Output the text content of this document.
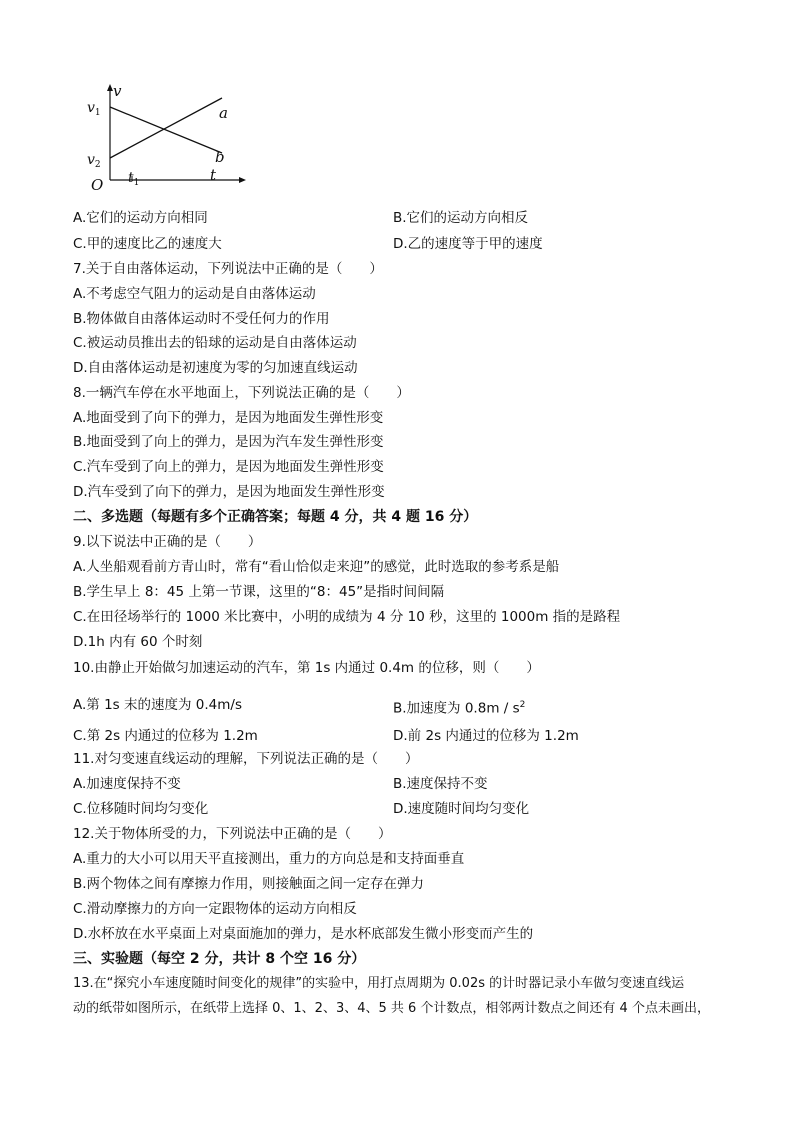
v
$v_1$
$v_2$
O $t_1$	t
a
b
A.它们的运动方向相同	B.它们的运动方向相反
C.甲的速度比乙的速度大	D.乙的速度等于甲的速度
7.关于自由落体运动，下列说法中正确的是（　　）
A.不考虑空气阻力的运动是自由落体运动
B.物体做自由落体运动时不受任何力的作用
C.被运动员推出去的铅球的运动是自由落体运动
D.自由落体运动是初速度为零的匀加速直线运动
8.一辆汽车停在水平地面上，下列说法正确的是（　　）
A.地面受到了向下的弹力，是因为地面发生弹性形变
B.地面受到了向上的弹力，是因为汽车发生弹性形变
C.汽车受到了向上的弹力，是因为地面发生弹性形变
D.汽车受到了向下的弹力，是因为地面发生弹性形变
二、多选题（每题有多个正确答案；每题 4 分，共 4 题 16 分）
9.以下说法中正确的是（　　）
A.人坐船观看前方青山时，常有“看山恰似走来迎”的感觉，此时选取的参考系是船
B.学生早上 8：45 上第一节课，这里的“8：45”是指时间间隔
C.在田径场举行的 1000 米比赛中，小明的成绩为 4 分 10 秒，这里的 1000m 指的是路程
D.1h 内有 60 个时刻
10.由静止开始做匀加速运动的汽车，第 1s 内通过 0.4m 的位移，则（　　）
A.第 1s 末的速度为 0.4m/s	B.加速度为 $0.8m / s^2$
C.第 2s 内通过的位移为 1.2m	D.前 2s 内通过的位移为 1.2m
11.对匀变速直线运动的理解，下列说法正确的是（　　）
A.加速度保持不变	B.速度保持不变
C.位移随时间均匀变化	D.速度随时间均匀变化
12.关于物体所受的力，下列说法中正确的是（　　）
A.重力的大小可以用天平直接测出，重力的方向总是和支持面垂直
B.两个物体之间有摩擦力作用，则接触面之间一定存在弹力
C.滑动摩擦力的方向一定跟物体的运动方向相反
D.水杯放在水平桌面上对桌面施加的弹力，是水杯底部发生微小形变而产生的
三、实验题（每空 2 分，共计 8 个空 16 分）
13.在“探究小车速度随时间变化的规律”的实验中，用打点周期为 0.02s 的计时器记录小车做匀变速直线运
动的纸带如图所示，在纸带上选择 0、1、2、3、4、5 共 6 个计数点，相邻两计数点之间还有 4 个点未画出，
